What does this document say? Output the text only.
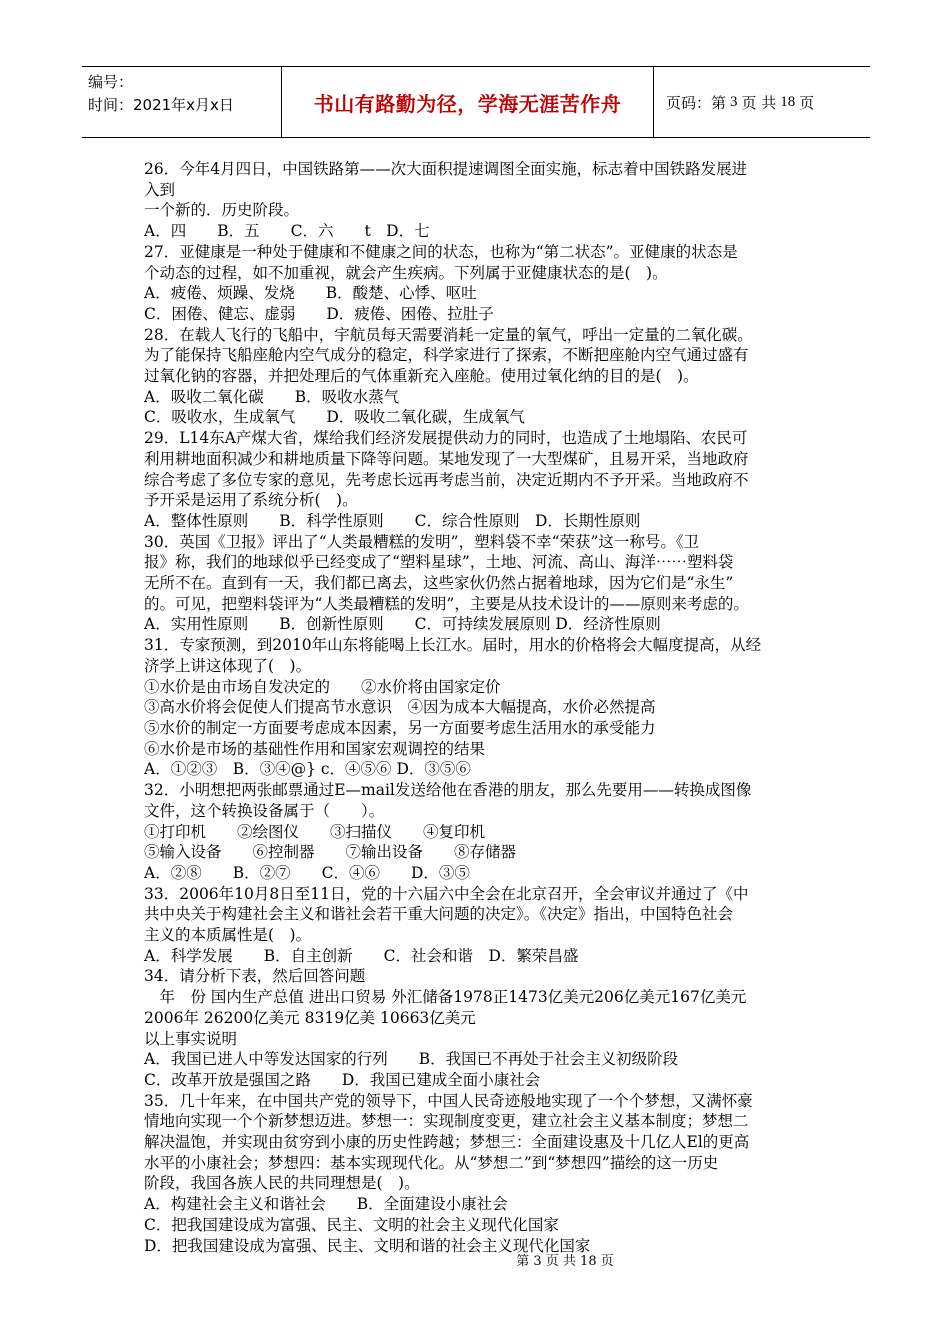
编号：
时间：2021年x月x日	书山有路勤为径，学海无涯苦作舟	页码：第 3 页 共 18 页

26．今年4月四日，中国铁路第——次大面积提速调图全面实施，标志着中国铁路发展进

入到

一个新的．历史阶段。

A．四　　B．五　　C．六　　t　D．七

27．亚健康是一种处于健康和不健康之间的状态，也称为“第二状态”。亚健康的状态是

个动态的过程，如不加重视，就会产生疾病。下列属于亚健康状态的是(　)。

A．疲倦、烦躁、发烧　　B．酸楚、心悸、呕吐

C．困倦、健忘、虚弱　　D．疲倦、困倦、拉肚子

28．在载人飞行的飞船中，宇航员每天需要消耗一定量的氧气，呼出一定量的二氧化碳。

为了能保持飞船座舱内空气成分的稳定，科学家进行了探索，不断把座舱内空气通过盛有

过氧化钠的容器，并把处理后的气体重新充入座舱。使用过氧化纳的目的是(　)。

A．吸收二氧化碳　　B．吸收水蒸气

C．吸收水，生成氧气　　D．吸收二氧化碳，生成氧气

29．L14东A产煤大省，煤给我们经济发展提供动力的同时，也造成了土地塌陷、农民可

利用耕地面积减少和耕地质量下降等问题。某地发现了一大型煤矿，且易开采，当地政府

综合考虑了多位专家的意见，先考虑长远再考虑当前，决定近期内不予开采。当地政府不

予开采是运用了系统分析(　)。

A．整体性原则　　B．科学性原则　　C．综合性原则　D．长期性原则

30．英国《卫报》评出了“人类最糟糕的发明”，塑料袋不幸“荣获”这一称号。《卫

报》称，我们的地球似乎已经变成了“塑料星球”，土地、河流、高山、海洋⋯⋯塑料袋

无所不在。直到有一天，我们都已离去，这些家伙仍然占据着地球，因为它们是“永生”

的。可见，把塑料袋评为“人类最糟糕的发明”，主要是从技术设计的——原则来考虑的。

A．实用性原则　　B．创新性原则　　C．可持续发展原则 D．经济性原则

31．专家预测，到2010年山东将能喝上长江水。届时，用水的价格将会大幅度提高，从经

济学上讲这体现了(　)。

①水价是由市场自发决定的　　②水价将由国家定价

③高水价将会促使人们提高节水意识　④因为成本大幅提高，水价必然提高

⑤水价的制定一方面要考虑成本因素，另一方面要考虑生活用水的承受能力

⑥水价是市场的基础性作用和国家宏观调控的结果

A．①②③　B．③④@} c．④⑤⑥ D．③⑤⑥

32．小明想把两张邮票通过E—mail发送给他在香港的朋友，那么先要用——转换成图像

文件，这个转换设备属于（　　）。

①打印机　　②绘图仪　　③扫描仪　　④复印机

⑤输入设备　　⑥控制器　　⑦输出设备　　⑧存储器

A．②⑧　　B．②⑦　　C．④⑥　　D．③⑤

33．2006年10月8日至11日，党的十六届六中全会在北京召开，全会审议并通过了《中

共中央关于构建社会主义和谐社会若干重大问题的决定》。《决定》指出，中国特色社会

主义的本质属性是(　)。

A．科学发展　　B．自主创新　　C．社会和谐　D．繁荣昌盛

34．请分析下表，然后回答问题

　年　份 国内生产总值 进出口贸易 外汇储备1978正1473亿美元206亿美元167亿美元

2006年 26200亿美元 8319亿美 10663亿美元

以上事实说明

A．我国已进人中等发达国家的行列　　B．我国已不再处于社会主义初级阶段

C．改革开放是强国之路　　D．我国已建成全面小康社会

35．几十年来，在中国共产党的领导下，中国人民奇迹般地实现了一个个梦想，又满怀豪

情地向实现一个个新梦想迈进。梦想一：实现制度变更，建立社会主义基本制度；梦想二

解决温饱，并实现由贫穷到小康的历史性跨越；梦想三：全面建设惠及十几亿人El的更高

水平的小康社会；梦想四：基本实现现代化。从“梦想二”到“梦想四”描绘的这一历史

阶段，我国各族人民的共同理想是(　)。

A．构建社会主义和谐社会　　B．全面建设小康社会

C．把我国建设成为富强、民主、文明的社会主义现代化国家

D．把我国建设成为富强、民主、文明和谐的社会主义现代化国家

第 3 页 共 18 页
